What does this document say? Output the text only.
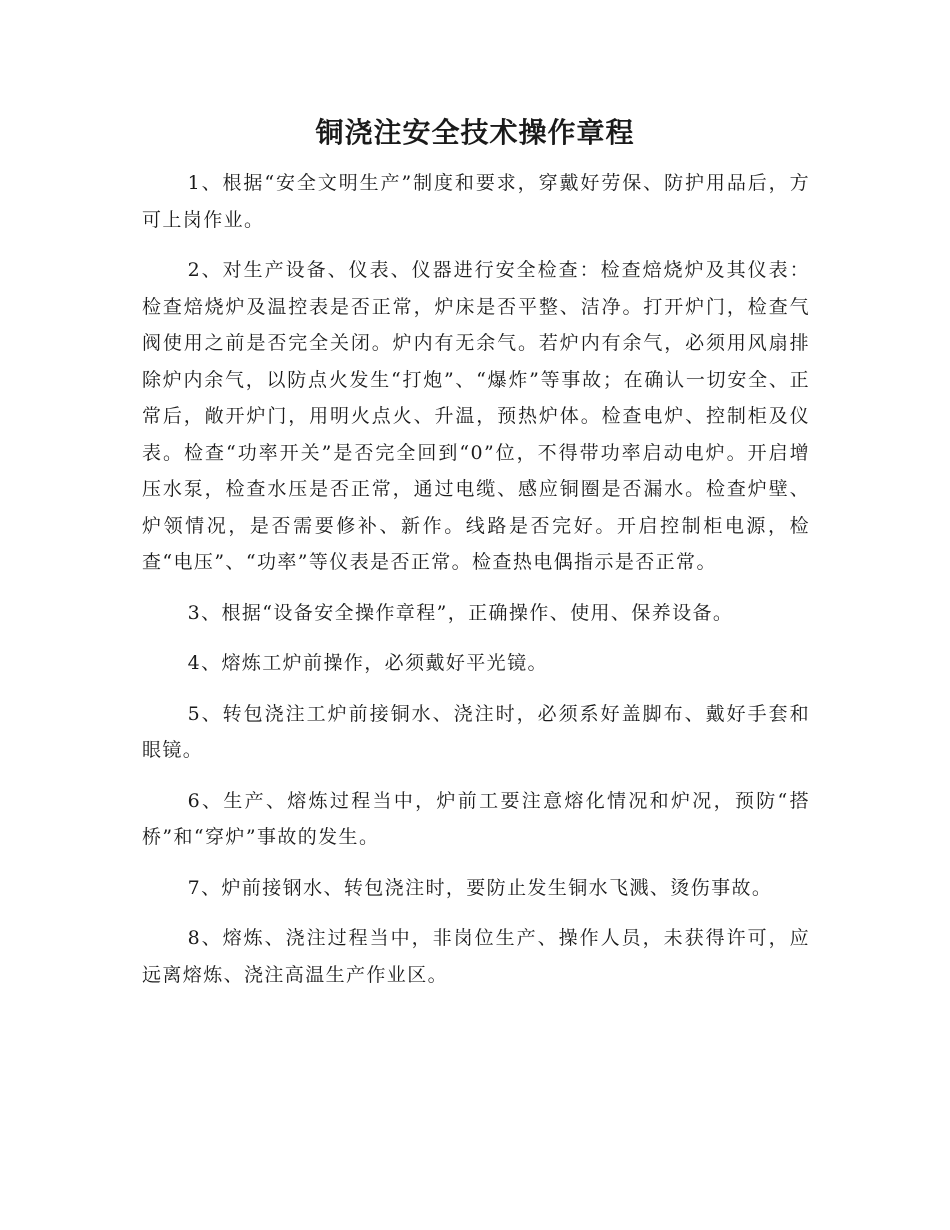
铜浇注安全技术操作章程

1、根据“安全文明生产”制度和要求，穿戴好劳保、防护用品后，方可上岗作业。

2、对生产设备、仪表、仪器进行安全检查：检查焙烧炉及其仪表：检查焙烧炉及温控表是否正常，炉床是否平整、洁净。打开炉门，检查气阀使用之前是否完全关闭。炉内有无余气。若炉内有余气，必须用风扇排除炉内余气，以防点火发生“打炮”、“爆炸”等事故；在确认一切安全、正常后，敞开炉门，用明火点火、升温，预热炉体。检查电炉、控制柜及仪表。检查“功率开关”是否完全回到“0”位，不得带功率启动电炉。开启增压水泵，检查水压是否正常，通过电缆、感应铜圈是否漏水。检查炉壁、炉领情况，是否需要修补、新作。线路是否完好。开启控制柜电源，检查“电压”、“功率”等仪表是否正常。检查热电偶指示是否正常。

3、根据“设备安全操作章程”，正确操作、使用、保养设备。

4、熔炼工炉前操作，必须戴好平光镜。

5、转包浇注工炉前接铜水、浇注时，必须系好盖脚布、戴好手套和眼镜。

6、生产、熔炼过程当中，炉前工要注意熔化情况和炉况，预防“搭桥”和“穿炉”事故的发生。

7、炉前接钢水、转包浇注时，要防止发生铜水飞溅、烫伤事故。

8、熔炼、浇注过程当中，非岗位生产、操作人员，未获得许可，应远离熔炼、浇注高温生产作业区。
